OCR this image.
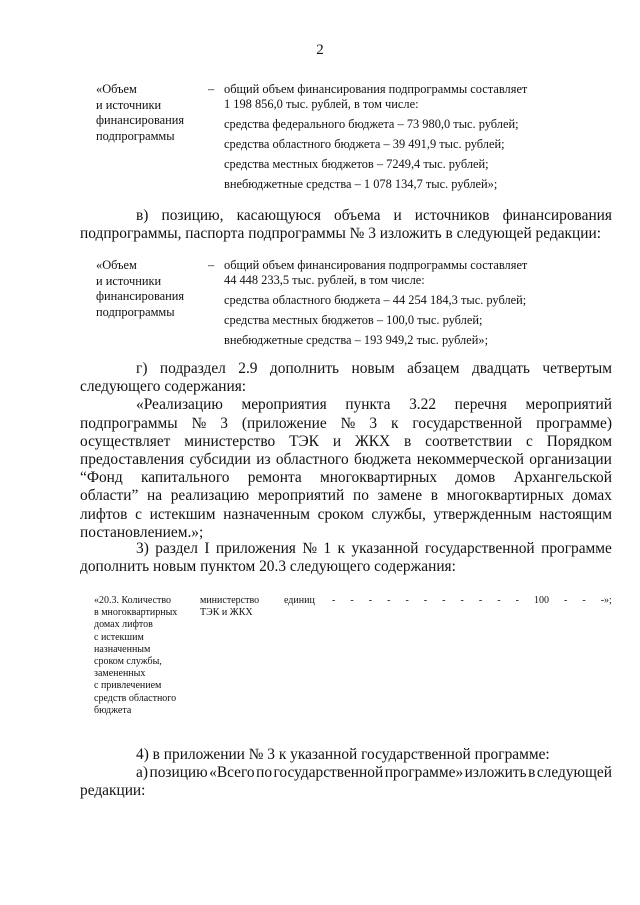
2
«Объем
и источники
финансирования
подпрограммы
– общий объем финансирования подпрограммы составляет
1 198 856,0 тыс. рублей, в том числе:
средства федерального бюджета – 73 980,0 тыс. рублей;
средства областного бюджета – 39 491,9 тыс. рублей;
средства местных бюджетов – 7249,4 тыс. рублей;
внебюджетные средства – 1 078 134,7 тыс. рублей»;
в) позицию, касающуюся объема и источников финансирования
подпрограммы, паспорта подпрограммы № 3 изложить в следующей редакции:
«Объем
и источники
финансирования
подпрограммы
– общий объем финансирования подпрограммы составляет
44 448 233,5 тыс. рублей, в том числе:
средства областного бюджета – 44 254 184,3 тыс. рублей;
средства местных бюджетов – 100,0 тыс. рублей;
внебюджетные средства – 193 949,2 тыс. рублей»;
г) подраздел 2.9 дополнить новым абзацем двадцать четвертым
следующего содержания:
«Реализацию мероприятия пункта 3.22 перечня мероприятий
подпрограммы № 3 (приложение № 3 к государственной программе)
осуществляет министерство ТЭК и ЖКХ в соответствии с Порядком
предоставления субсидии из областного бюджета некоммерческой организации
“Фонд капитального ремонта многоквартирных домов Архангельской
области” на реализацию мероприятий по замене в многоквартирных домах
лифтов с истекшим назначенным сроком службы, утвержденным настоящим
постановлением.»;
3) раздел I приложения № 1 к указанной государственной программе
дополнить новым пунктом 20.3 следующего содержания:
«20.3. Количество
в многоквартирных
домах лифтов
с истекшим
назначенным
сроком службы,
замененных
с привлечением
средств областного
бюджета
министерство
ТЭК и ЖКХ
единиц - - - - - - - - - - - 100 - - -»;
4) в приложении № 3 к указанной государственной программе:
а) позицию «Всего по государственной программе» изложить в следующей
редакции:
